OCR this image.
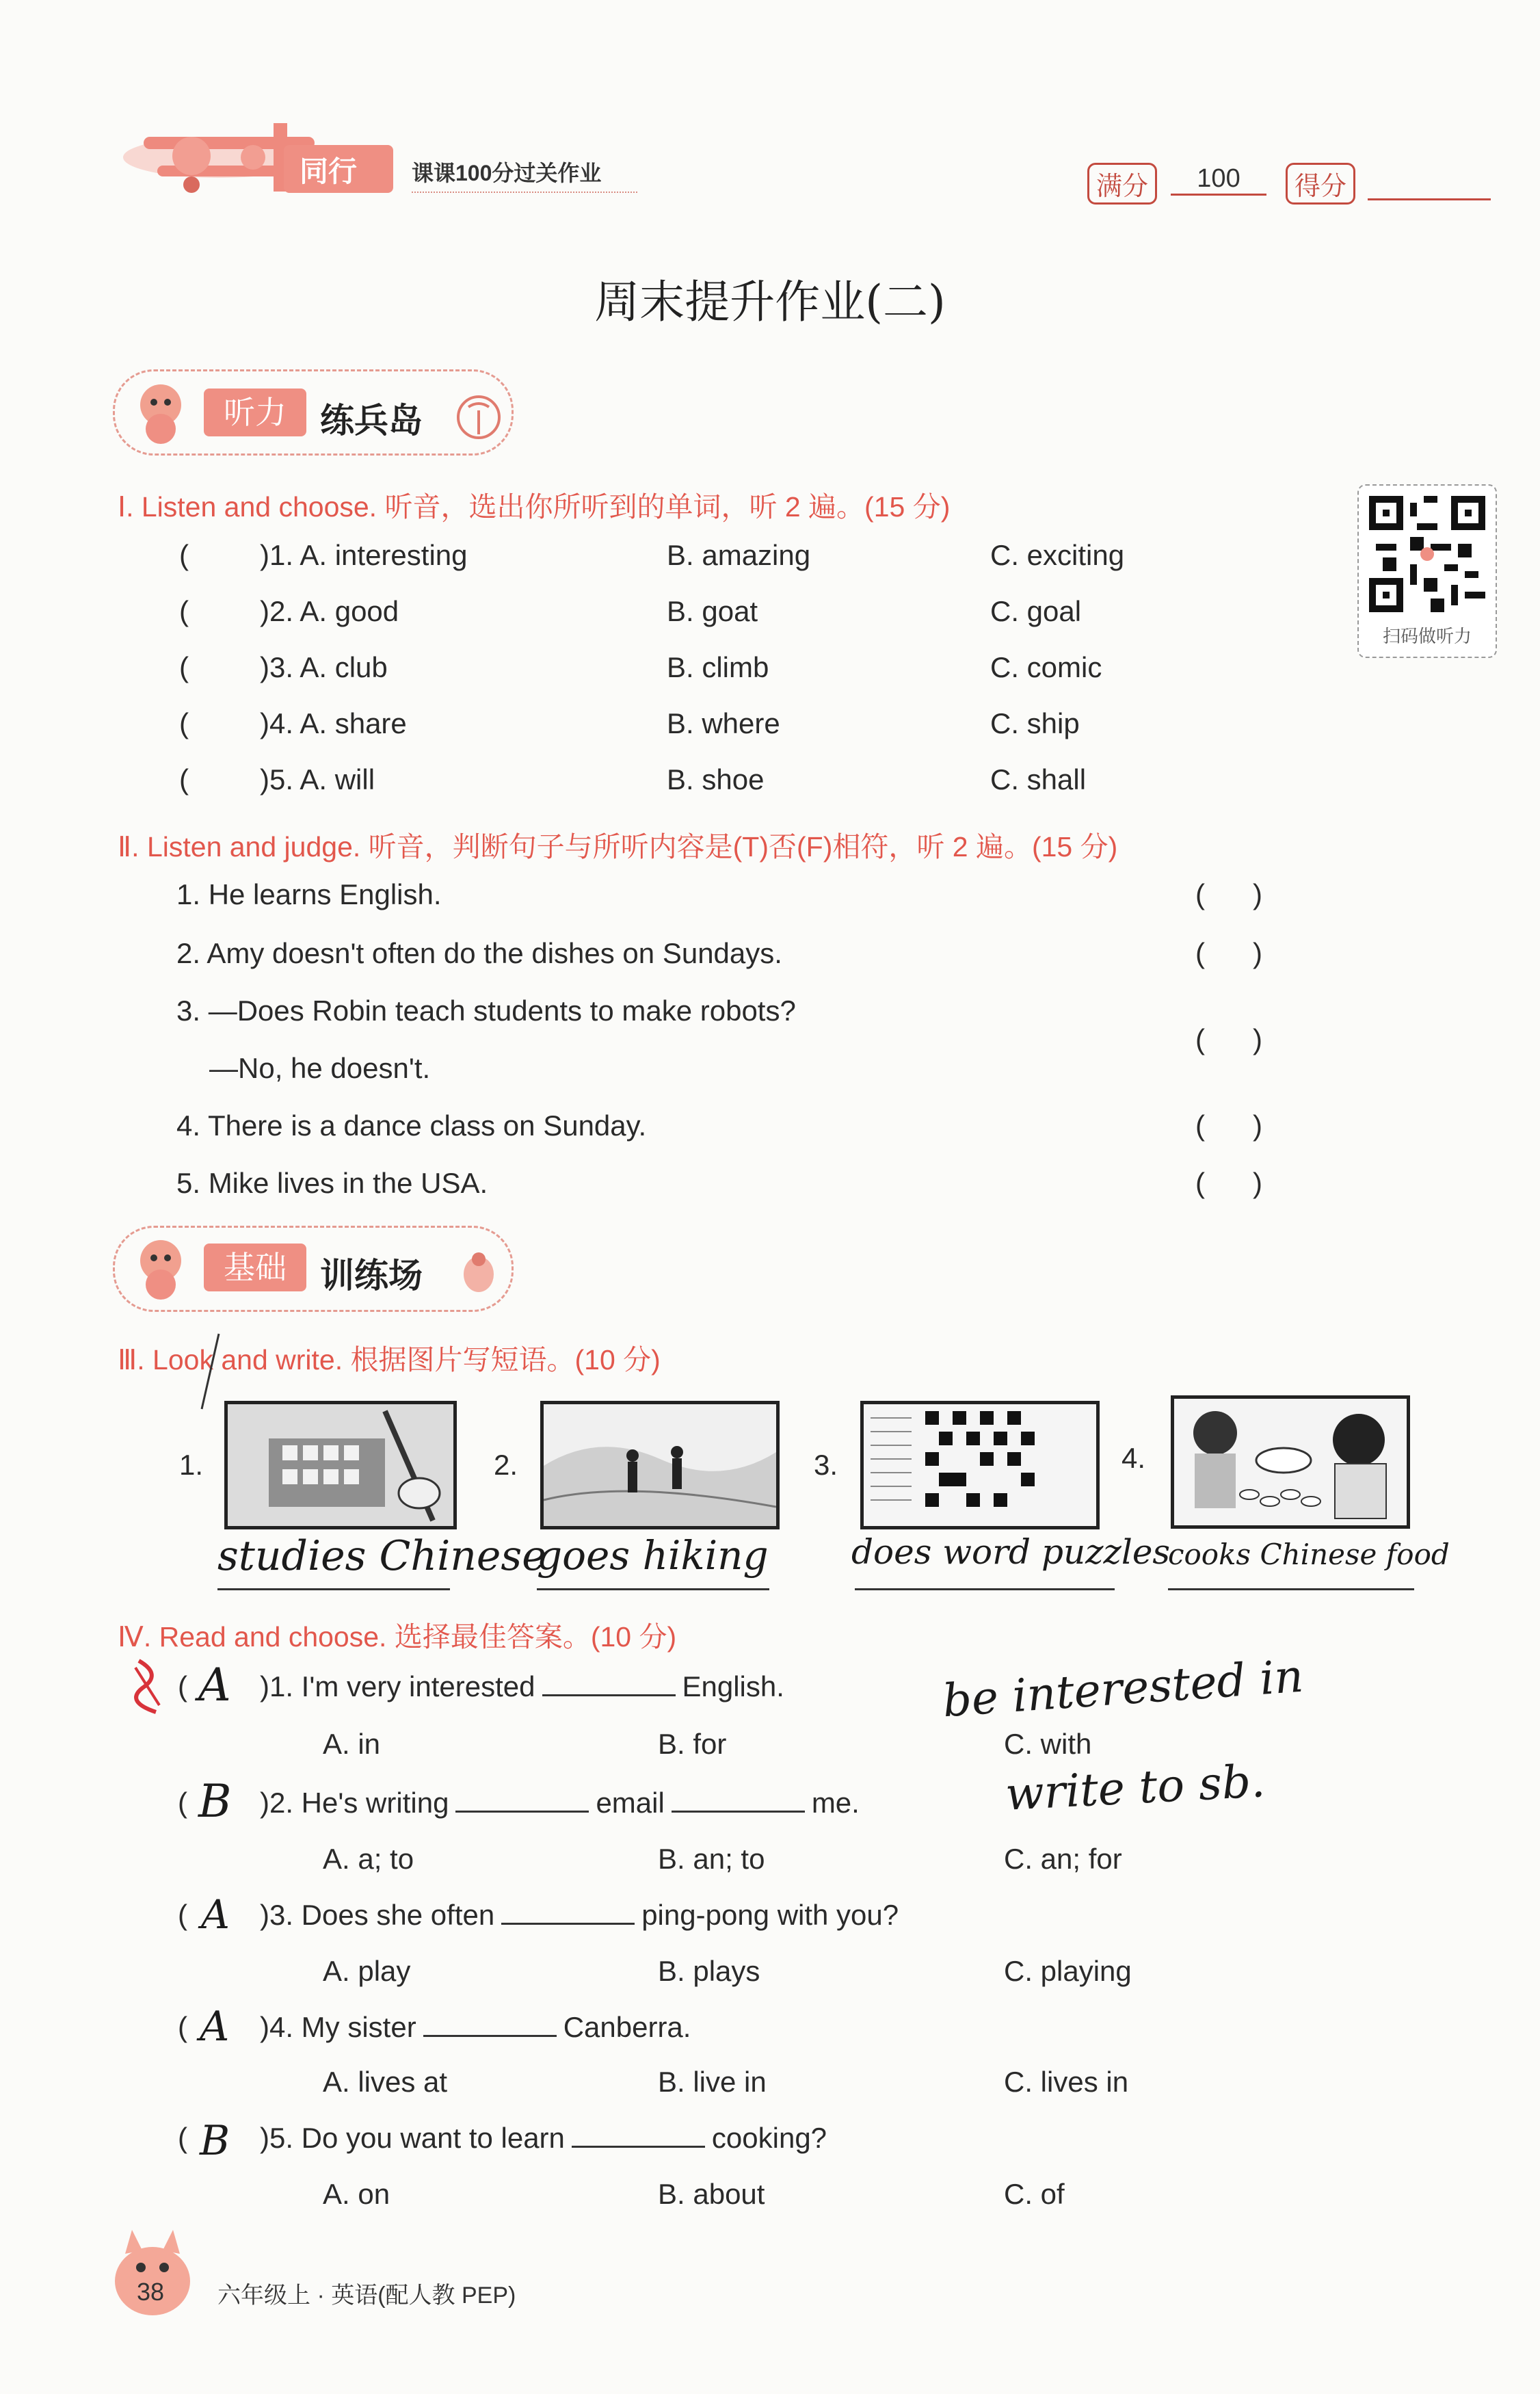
同行 课课100分过关作业	满分	100	得分
周末提升作业(二)
听力 练兵岛
扫码做听力
Ⅰ. Listen and choose. 听音，选出你所听到的单词，听 2 遍。(15 分)
( )1. A. interesting	B. amazing	C. exciting
( )2. A. good	B. goat	C. goal
( )3. A. club	B. climb	C. comic
( )4. A. share	B. where	C. ship
( )5. A. will	B. shoe	C. shall
Ⅱ. Listen and judge. 听音，判断句子与所听内容是(T)否(F)相符，听 2 遍。(15 分)
1. He learns English.	(      )
2. Amy doesn't often do the dishes on Sundays.	(      )
3. —Does Robin teach students to make robots?
—No, he doesn't.
(      )
4. There is a dance class on Sunday.	(      )
5. Mike lives in the USA.	(      )
基础 训练场
Ⅲ. Look and write. 根据图片写短语。(10 分)
1.	2.	3.	4.
studies Chinese
goes hiking does word puzzles
cooks Chinese food
Ⅳ. Read and choose. 选择最佳答案。(10 分)
( A )1. I'm very interested	English.
A. in	B. for	C. with
( B )2. He's writing	email	me.
A. a; to	B. an; to	C. an; for
( A )3. Does she often	ping-pong with you?
A. play	B. plays	C. playing
( A )4. My sister	Canberra.
A. lives at	B. live in	C. lives in
( B )5. Do you want to learn	cooking?
A. on	B. about	C. of
be interested in
write to sb.
38 六年级上 · 英语(配人教 PEP)
